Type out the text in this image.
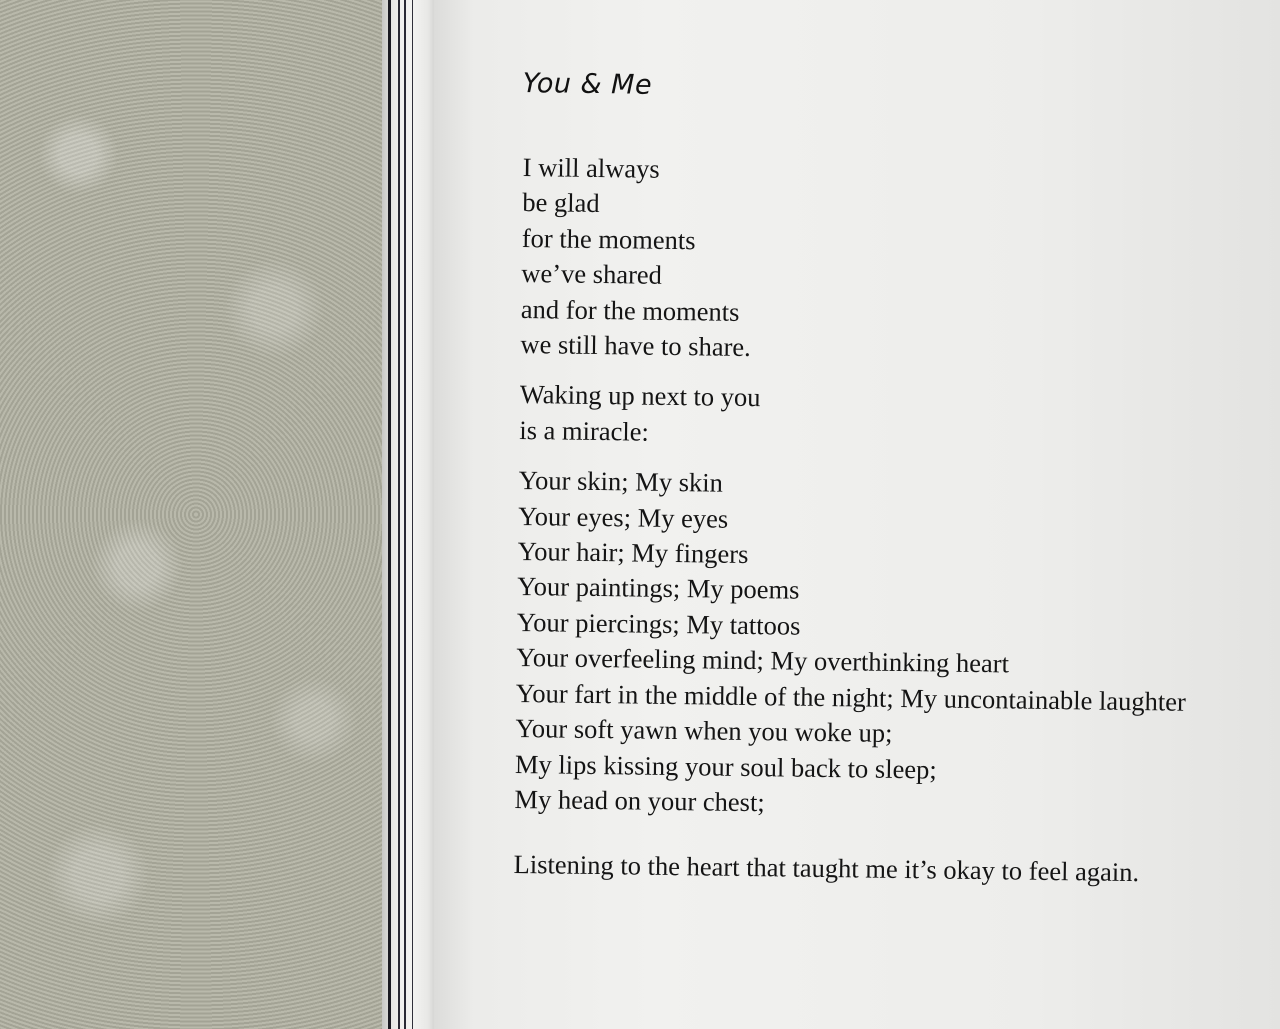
You & Me
I will always
be glad
for the moments
we’ve shared
and for the moments
we still have to share.
Waking up next to you
is a miracle:
Your skin; My skin
Your eyes; My eyes
Your hair; My fingers
Your paintings; My poems
Your piercings; My tattoos
Your overfeeling mind; My overthinking heart
Your fart in the middle of the night; My uncontainable laughter
Your soft yawn when you woke up;
My lips kissing your soul back to sleep;
My head on your chest;
Listening to the heart that taught me it’s okay to feel again.
